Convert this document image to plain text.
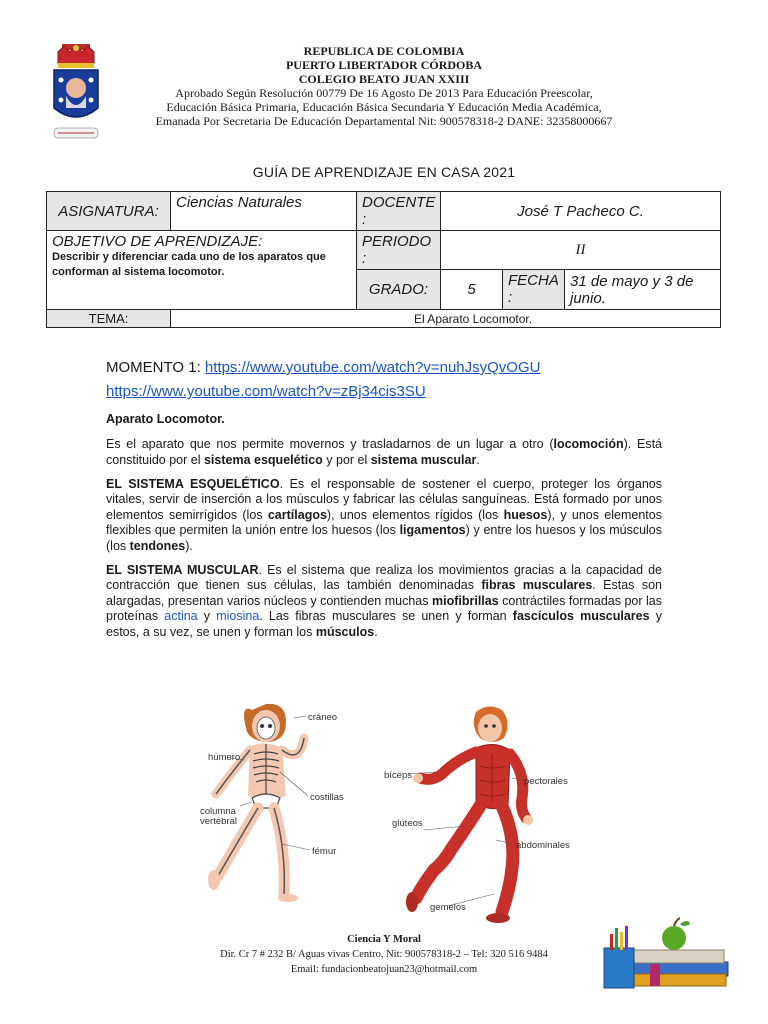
REPUBLICA DE COLOMBIA
PUERTO LIBERTADOR CÓRDOBA
COLEGIO BEATO JUAN XXIII
Aprobado Según Resolución 00779 De 16 Agosto De 2013 Para Educación Preescolar,
Educación Básica Primaria, Educación Básica Secundaria Y Educación Media Académica,
Emanada Por Secretaria De Educación Departamental Nit: 900578318-2 DANE: 32358000667
GUÍA DE APRENDIZAJE EN CASA 2021
ASIGNATURA:	Ciencias Naturales	DOCENTE :	José T Pacheco C.		

OBJETIVO DE APRENDIZAJE:
Describir y diferenciar cada uno de los aparatos que conforman al sistema locomotor.		PERIODO :	II		
		GRADO:	5	FECHA :	31 de mayo y 3 de junio.
TEMA:	El Aparato Locomotor.				

MOMENTO 1: https://www.youtube.com/watch?v=nuhJsyQvOGU

https://www.youtube.com/watch?v=zBj34cis3SU

Aparato Locomotor.

Es el aparato que nos permite movernos y trasladarnos de un lugar a otro (locomoción). Está constituido por el sistema esquelético y por el sistema muscular.

EL SISTEMA ESQUELÉTICO. Es el responsable de sostener el cuerpo, proteger los órganos vitales, servir de inserción a los músculos y fabricar las células sanguíneas. Está formado por unos elementos semirrígidos (los cartílagos), unos elementos rígidos (los huesos), y unos elementos flexibles que permiten la unión entre los huesos (los ligamentos) y entre los huesos y los músculos (los tendones).

EL SISTEMA MUSCULAR. Es el sistema que realiza los movimientos gracias a la capacidad de contracción que tienen sus células, las también denominadas fibras musculares. Estas son alargadas, presentan varios núcleos y contienden muchas miofibrillas contráctiles formadas por las proteínas actina y miosina. Las fibras musculares se unen y forman fascículos musculares y estos, a su vez, se unen y forman los músculos.

cráneo
húmero
columna
vertebral
costillas
fémur
bíceps
pectorales
glúteos
abdominales
gemelos
Ciencia Y Moral
Dir. Cr 7 # 232 B/ Aguas vivas Centro, Nit: 900578318-2 – Tel: 320 516 9484
Email: fundacionbeatojuan23@hotmail.com
